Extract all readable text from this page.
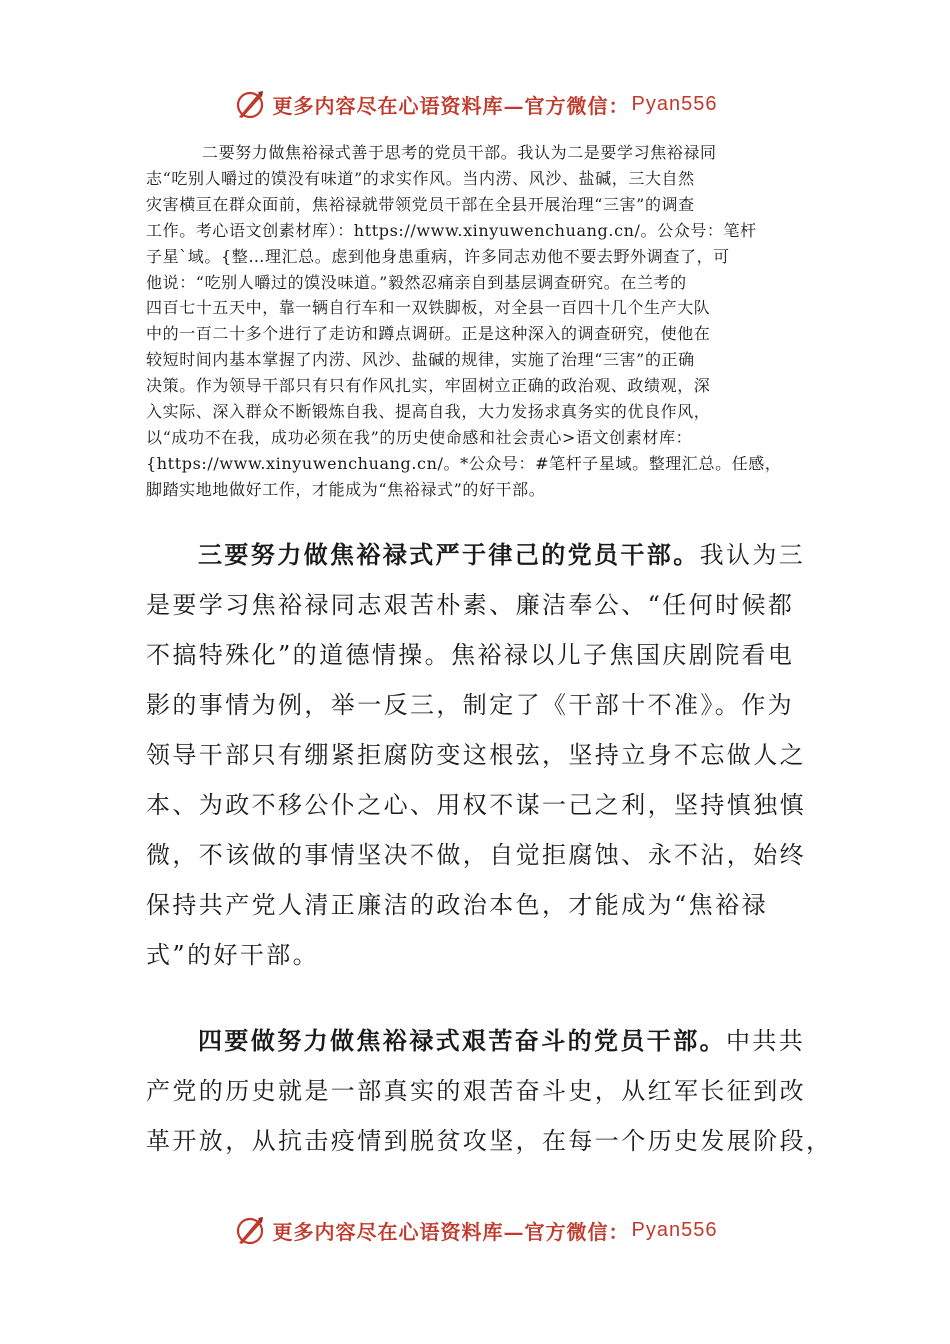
更多内容尽在心语资料库—官方微信： Pyan556
二要努力做焦裕禄式善于思考的党员干部。我认为二是要学习焦裕禄同
志“吃别人嚼过的馍没有味道”的求实作风。当内涝、风沙、盐碱，三大自然
灾害横亘在群众面前，焦裕禄就带领党员干部在全县开展治理“三害”的调查
工作。考心语文创素材库）：https://www.xinyuwenchuang.cn/。公众号：笔杆
子星`域。{整…理汇总。虑到他身患重病，许多同志劝他不要去野外调查了，可
他说：“吃别人嚼过的馍没味道。”毅然忍痛亲自到基层调查研究。在兰考的
四百七十五天中，靠一辆自行车和一双铁脚板，对全县一百四十几个生产大队
中的一百二十多个进行了走访和蹲点调研。正是这种深入的调查研究，使他在
较短时间内基本掌握了内涝、风沙、盐碱的规律，实施了治理“三害”的正确
决策。作为领导干部只有只有作风扎实，牢固树立正确的政治观、政绩观，深
入实际、深入群众不断锻炼自我、提高自我，大力发扬求真务实的优良作风，
以“成功不在我，成功必须在我”的历史使命感和社会责心>语文创素材库：
{https://www.xinyuwenchuang.cn/。*公众号：#笔杆子星域。整理汇总。任感，
脚踏实地地做好工作，才能成为“焦裕禄式”的好干部。
三要努力做焦裕禄式严于律己的党员干部。我认为三
是要学习焦裕禄同志艰苦朴素、廉洁奉公、“任何时候都
不搞特殊化”的道德情操。焦裕禄以儿子焦国庆剧院看电
影的事情为例，举一反三，制定了《干部十不准》。作为
领导干部只有绷紧拒腐防变这根弦，坚持立身不忘做人之
本、为政不移公仆之心、用权不谋一己之利，坚持慎独慎
微，不该做的事情坚决不做，自觉拒腐蚀、永不沾，始终
保持共产党人清正廉洁的政治本色，才能成为“焦裕禄
式”的好干部。
四要做努力做焦裕禄式艰苦奋斗的党员干部。中共共
产党的历史就是一部真实的艰苦奋斗史，从红军长征到改
革开放，从抗击疫情到脱贫攻坚，在每一个历史发展阶段，
更多内容尽在心语资料库—官方微信： Pyan556
